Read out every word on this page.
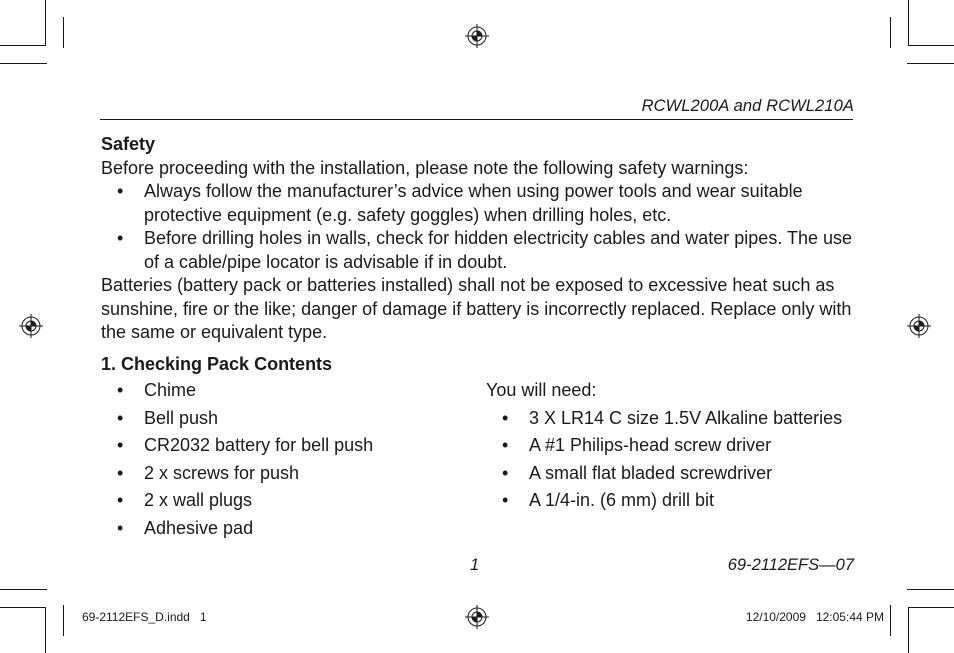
RCWL200A and RCWL210A

Safety

Before proceeding with the installation, please note the following safety warnings:

• Always follow the manufacturer’s advice when using power tools and wear suitable protective equipment (e.g. safety goggles) when drilling holes, etc.
• Before drilling holes in walls, check for hidden electricity cables and water pipes. The use of a cable/pipe locator is advisable if in doubt.

Batteries (battery pack or batteries installed) shall not be exposed to excessive heat such as sunshine, fire or the like; danger of damage if battery is incorrectly replaced. Replace only with the same or equivalent type.

1. Checking Pack Contents
• Chime
• Bell push
• CR2032 battery for bell push
• 2 x screws for push
• 2 x wall plugs
• Adhesive pad

You will need:

• 3 X LR14 C size 1.5V Alkaline batteries
• A #1 Philips-head screw driver
• A small flat bladed screwdriver
• A 1/4-in. (6 mm) drill bit
1	69-2112EFS—07
69-2112EFS_D.indd   1	12/10/2009   12:05:44 PM
